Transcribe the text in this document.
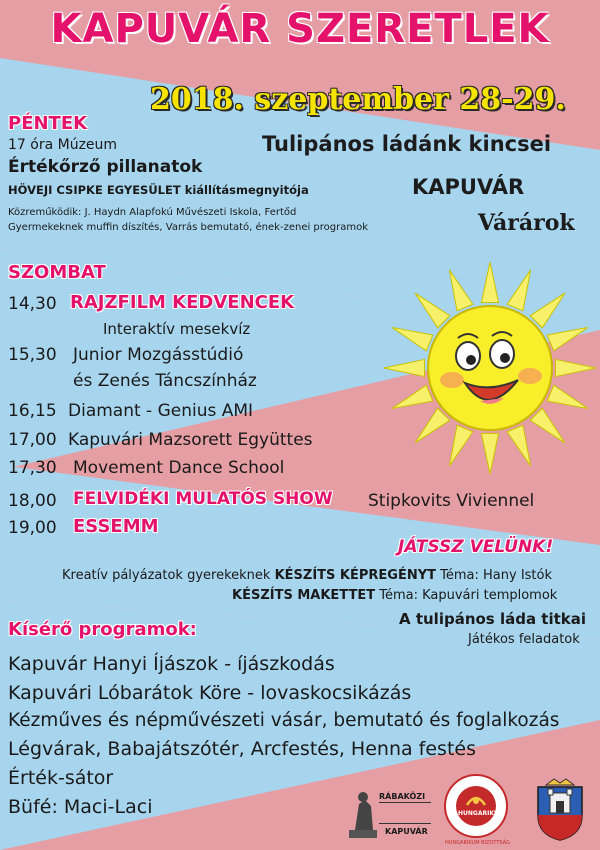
KAPUVÁR SZERETLEK
2018. szeptember 28-29.
Tulipános ládánk kincsei
KAPUVÁR
Várárok
PÉNTEK
17 óra Múzeum
Értékőrző pillanatok
HÖVEJI CSIPKE EGYESÜLET kiállításmegnyitója
Közreműködik: J. Haydn Alapfokú Művészeti Iskola, Fertőd
Gyermekeknek muffin díszítés, Varrás bemutató, ének-zenei programok
SZOMBAT
14,30 RAJZFILM KEDVENCEK
Interaktív mesekvíz
15,30 Junior Mozgásstúdió
és Zenés Táncszínház
16,15 Diamant - Genius AMI
17,00 Kapuvári Mazsorett Együttes
17,30 Movement Dance School
18,00 FELVIDÉKI MULATÓS SHOW Stipkovits Viviennel
19,00 ESSEMM
JÁTSSZ VELÜNK!
Kreatív pályázatok gyerekeknek KÉSZÍTS KÉPREGÉNYT Téma: Hany Istók
KÉSZÍTS MAKETTET Téma: Kapuvári templomok
A tulipános láda titkai
Játékos feladatok
Kísérő programok:
Kapuvár Hanyi Íjászok - íjászkodás
Kapuvári Lóbarátok Köre - lovaskocsikázás
Kézműves és népművészeti vásár, bemutató és foglalkozás
Légvárak, Babajátszótér, Arcfestés, Henna festés
Érték-sátor
Büfé: Maci-Laci	RÁBAKÖZI
KAPUVÁR
HUNGARIKUM
HUNGARIKUM BIZOTTSÁG
